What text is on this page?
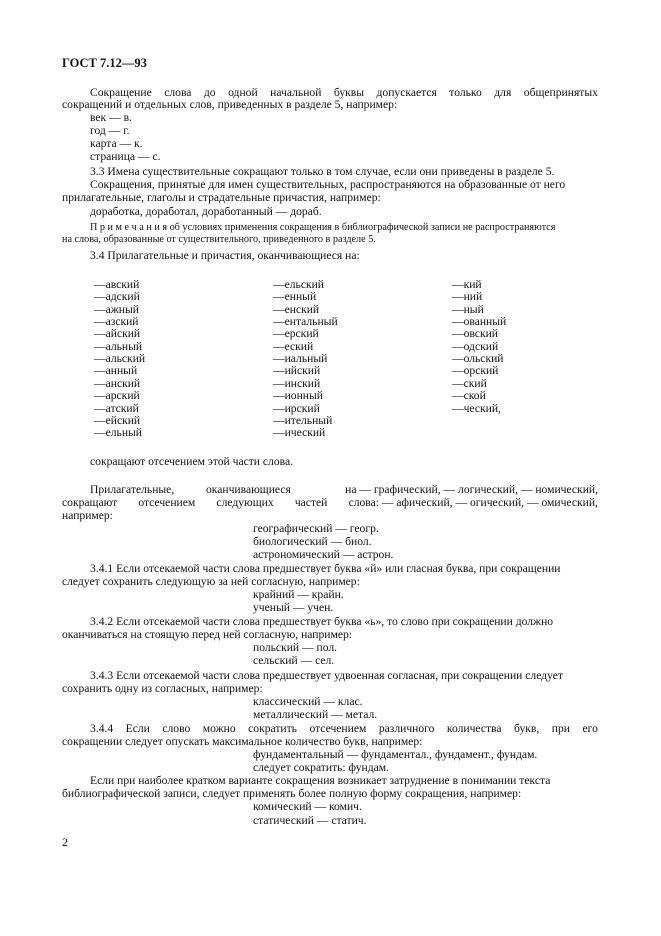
ГОСТ 7.12—93
Сокращение слова до одной начальной буквы допускается только для общепринятых
сокращений и отдельных слов, приведенных в разделе 5, например:
век — в.
год — г.
карта — к.
страница — с.
3.3 Имена существительные сокращают только в том случае, если они приведены в разделе 5.
Сокращения, принятые для имен существительных, распространяются на образованные от него
прилагательные, глаголы и страдательные причастия, например:
доработка, доработал, доработанный — дораб.
П р и м е ч а н и я об условиях применения сокращения в библиографической записи не распространяются
на слова, образованные от существительного, приведенного в разделе 5.
3.4 Прилагательные и причастия, оканчивающиеся на:
—авский
—адский
—ажный
—азский
—айский
—альный
—альский
—анный
—анский
—арский
—атский
—ейский
—ельный
—ельский
—енный
—енский
—ентальный
—ерский
—еский
—иальный
—ийский
—инский
—ионный
—ирский
—ительный
—ический
—кий
—ний
—ный
—ованный
—овский
—одский
—ольский
—орский
—ский
—ской
—ческий,
сокращают отсечением этой части слова.
Прилагательные,	оканчивающиеся	на — графический, — логический, — номический,
сокращают отсечением следующих частей слова: — афический, — огический, — омический,
например:
географический — геогр.
биологический — биол.
астрономический — астрон.
3.4.1 Если отсекаемой части слова предшествует буква «й» или гласная буква, при сокращении
следует сохранить следующую за ней согласную, например:
крайний — крайн.
ученый — учен.
3.4.2 Если отсекаемой части слова предшествует буква «ь», то слово при сокращении должно
оканчиваться на стоящую перед ней согласную, например:
польский — пол.
сельский — сел.
3.4.3 Если отсекаемой части слова предшествует удвоенная согласная, при сокращении следует
сохранить одну из согласных, например:
классический — клас.
металлический — метал.
3.4.4 Если слово можно сократить отсечением различного количества букв, при его
сокращении следует опускать максимальное количество букв, например:
фундаментальный — фундаментал., фундамент., фундам.
следует сократить: фундам.
Если при наиболее кратком варианте сокращения возникает затруднение в понимании текста
библиографической записи, следует применять более полную форму сокращения, например:
комический — комич.
статический — статич.
2
